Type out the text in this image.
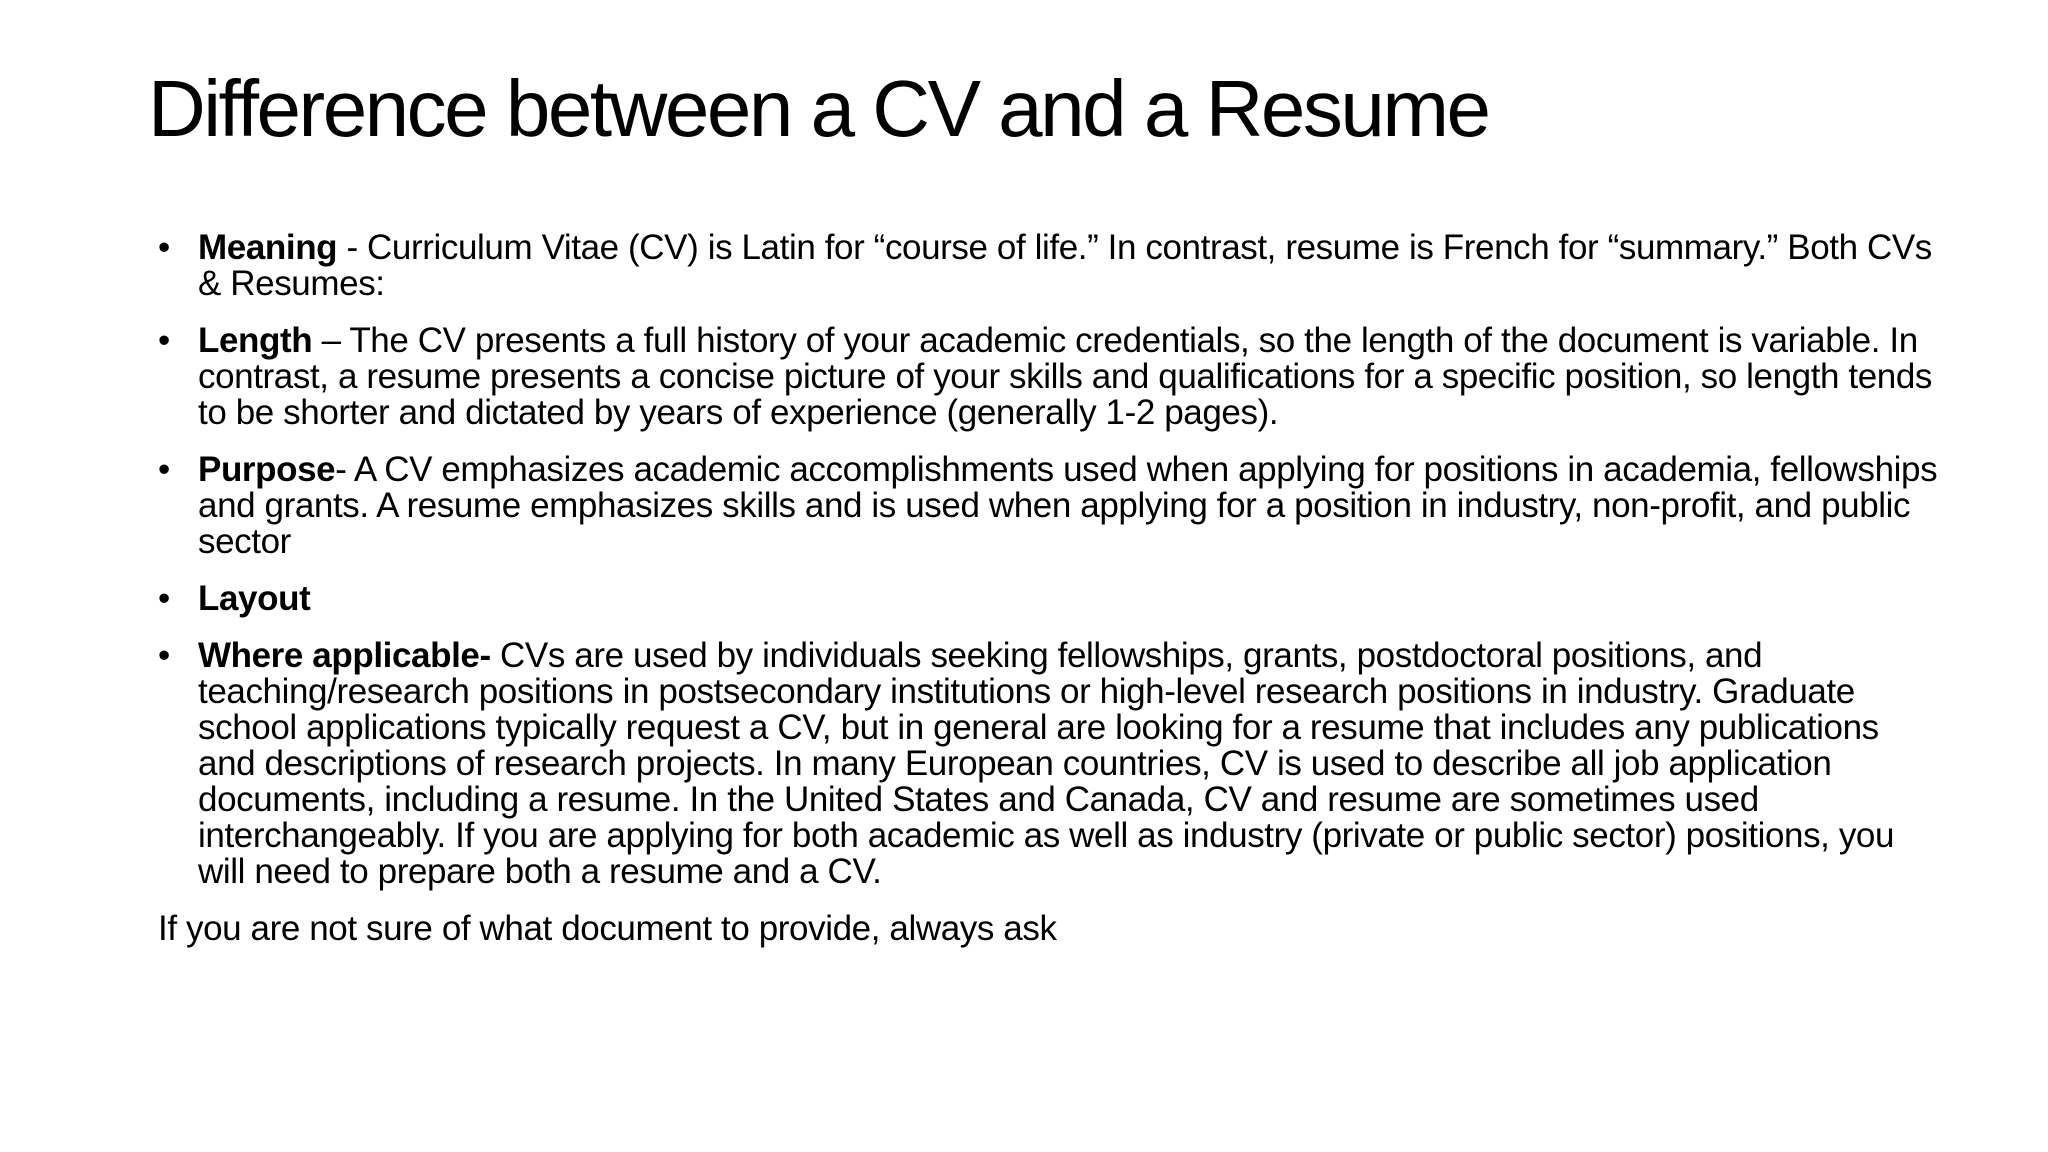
Difference between a CV and a Resume
• Meaning - Curriculum Vitae (CV) is Latin for “course of life.” In contrast, resume is French for “summary.” Both CVs & Resumes:
• Length – The CV presents a full history of your academic credentials, so the length of the document is variable. In contrast, a resume presents a concise picture of your skills and qualifications for a specific position, so length tends to be shorter and dictated by years of experience (generally 1-2 pages).
• Purpose- A CV emphasizes academic accomplishments used when applying for positions in academia, fellowships and grants. A resume emphasizes skills and is used when applying for a position in industry, non-profit, and public sector
• Layout
• Where applicable- CVs are used by individuals seeking fellowships, grants, postdoctoral positions, and teaching/research positions in postsecondary institutions or high-level research positions in industry. Graduate school applications typically request a CV, but in general are looking for a resume that includes any publications and descriptions of research projects. In many European countries, CV is used to describe all job application documents, including a resume. In the United States and Canada, CV and resume are sometimes used interchangeably. If you are applying for both academic as well as industry (private or public sector) positions, you will need to prepare both a resume and a CV.
If you are not sure of what document to provide, always ask
